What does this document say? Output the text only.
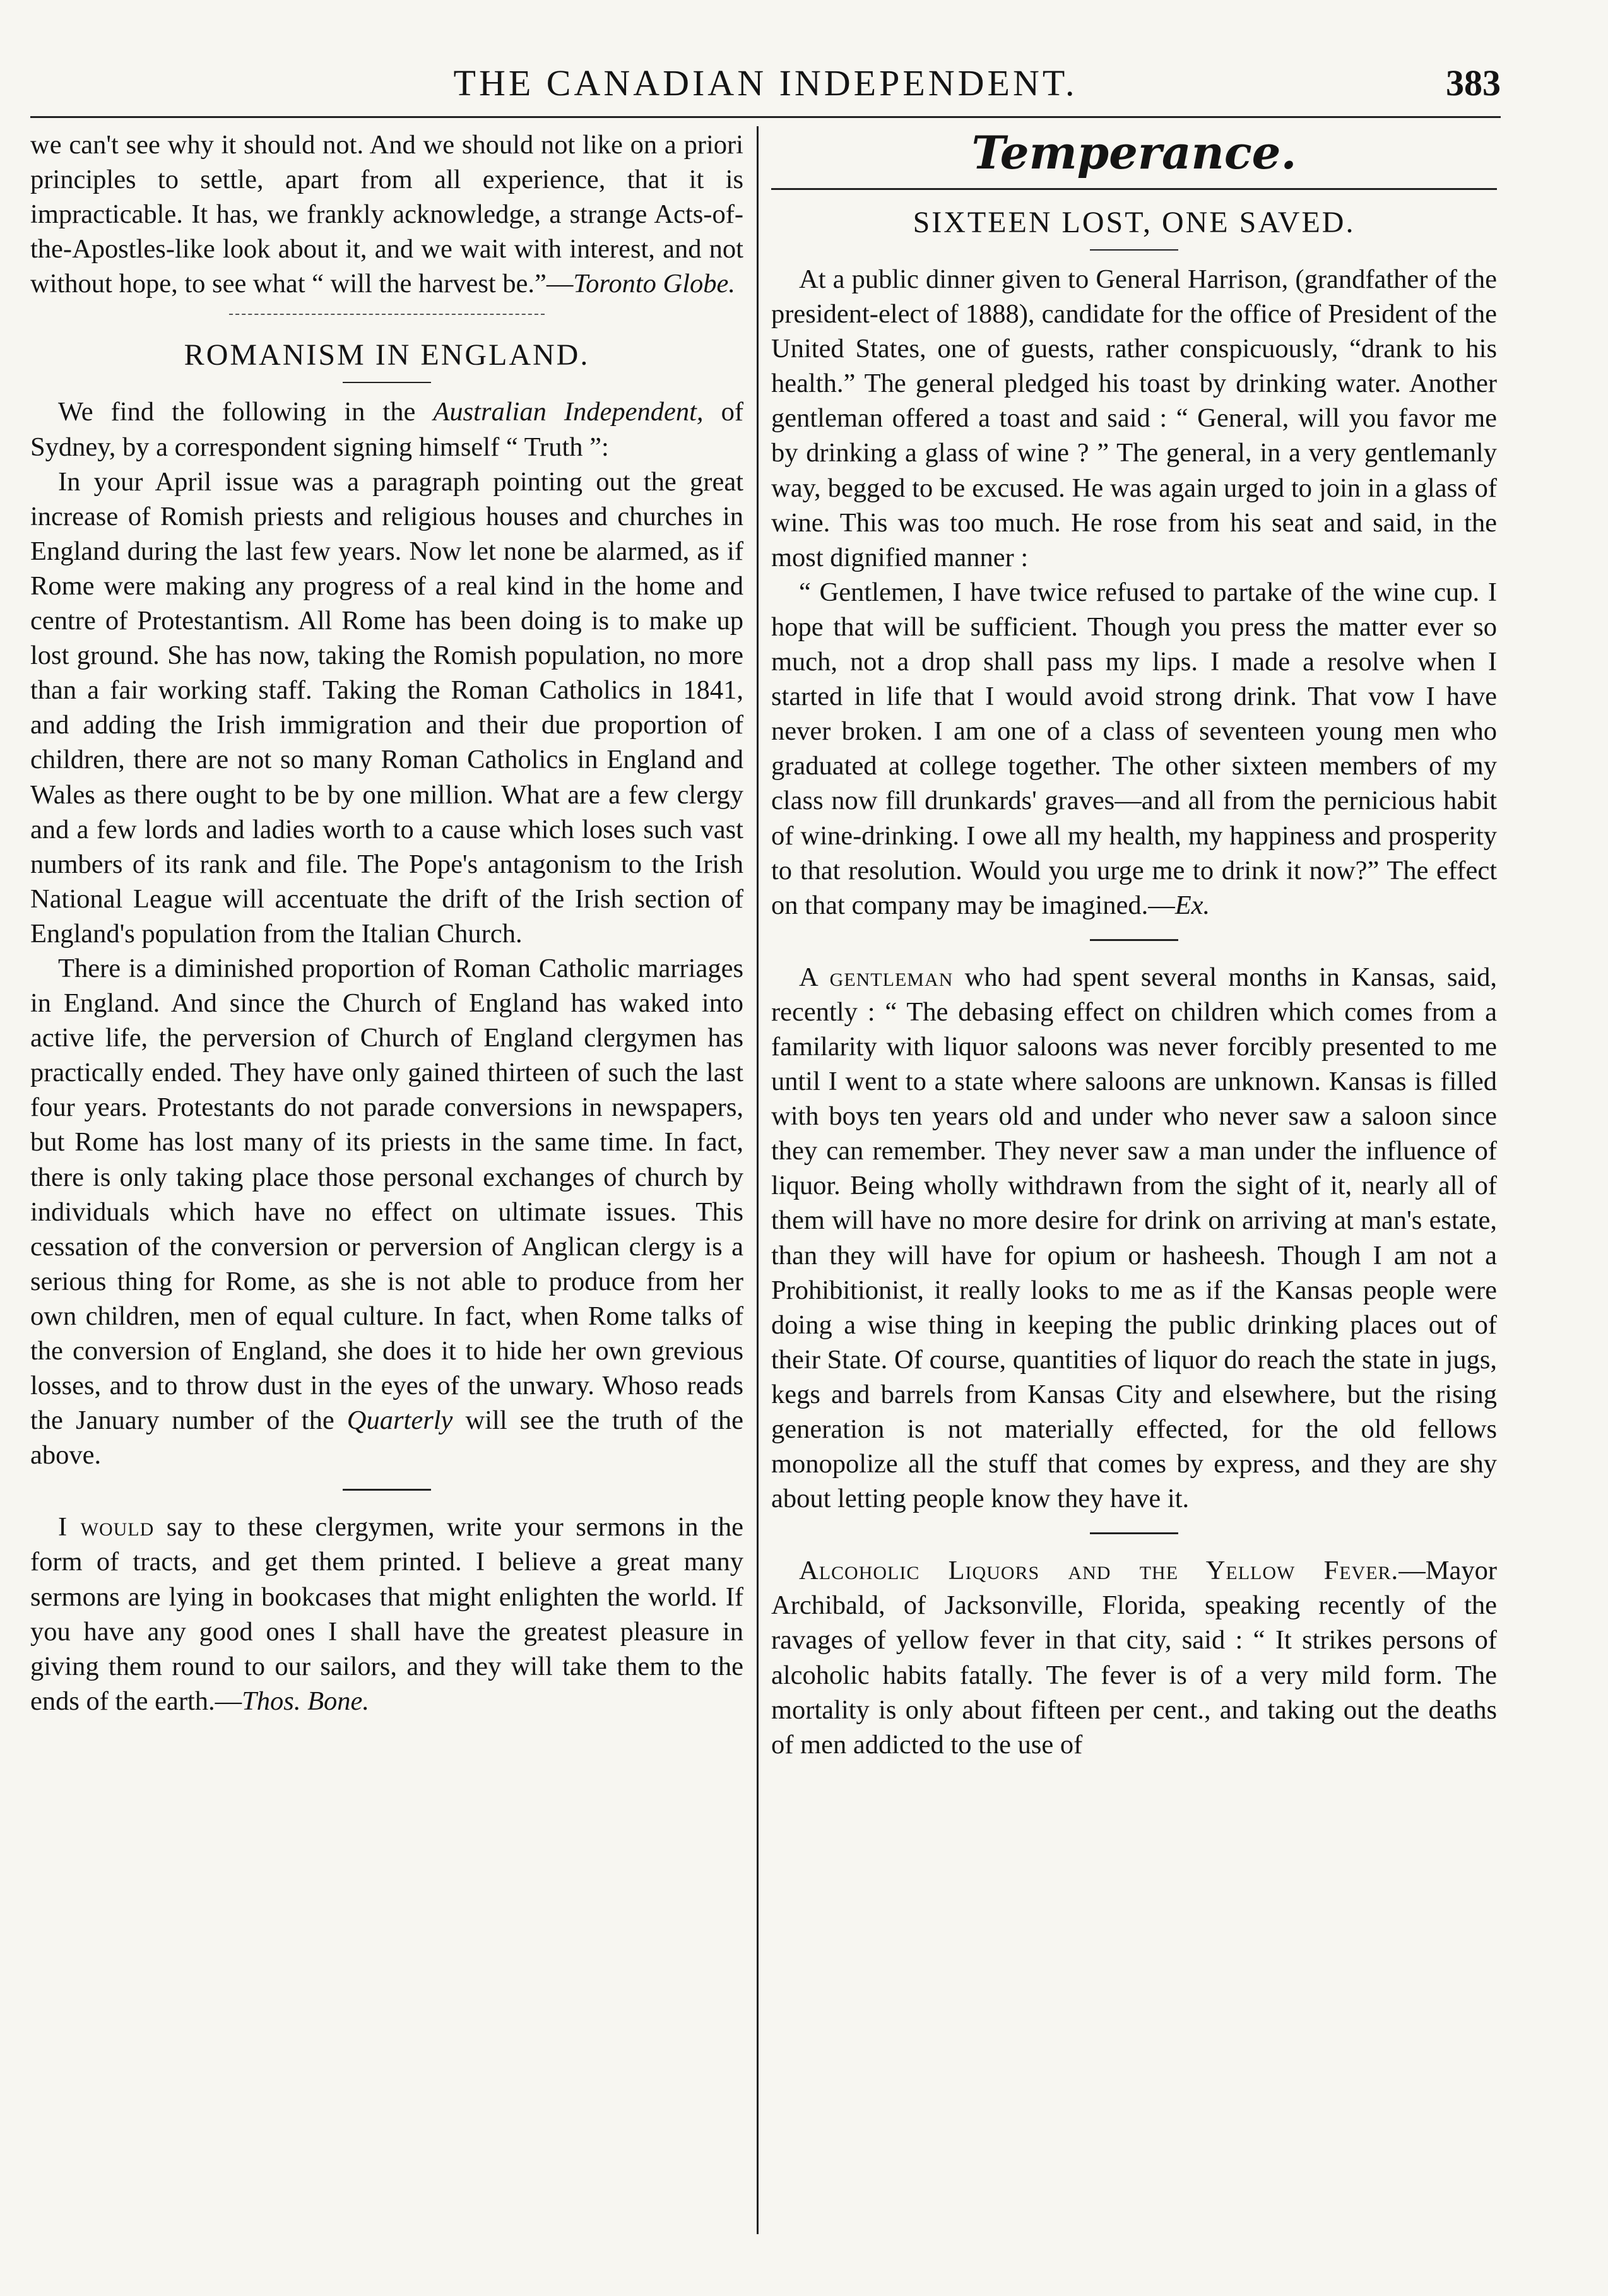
THE CANADIAN INDEPENDENT.	383

we can't see why it should not. And we should not like on a priori principles to settle, apart from all experience, that it is impracticable. It has, we frankly acknowledge, a strange Acts-of-the-Apostles-like look about it, and we wait with interest, and not without hope, to see what “ will the harvest be.”—Toronto Globe.

ROMANISM IN ENGLAND.

We find the following in the Australian Independent, of Sydney, by a correspondent signing himself “ Truth ”:

In your April issue was a paragraph pointing out the great increase of Romish priests and religious houses and churches in England during the last few years. Now let none be alarmed, as if Rome were making any progress of a real kind in the home and centre of Protestantism. All Rome has been doing is to make up lost ground. She has now, taking the Romish population, no more than a fair working staff. Taking the Roman Catholics in 1841, and adding the Irish immigration and their due proportion of children, there are not so many Roman Catholics in England and Wales as there ought to be by one million. What are a few clergy and a few lords and ladies worth to a cause which loses such vast numbers of its rank and file. The Pope's antagonism to the Irish National League will accentuate the drift of the Irish section of England's population from the Italian Church.

There is a diminished proportion of Roman Catholic marriages in England. And since the Church of England has waked into active life, the perversion of Church of England clergymen has practically ended. They have only gained thirteen of such the last four years. Protestants do not parade conversions in newspapers, but Rome has lost many of its priests in the same time. In fact, there is only taking place those personal exchanges of church by individuals which have no effect on ultimate issues. This cessation of the conversion or perversion of Anglican clergy is a serious thing for Rome, as she is not able to produce from her own children, men of equal culture. In fact, when Rome talks of the conversion of England, she does it to hide her own grevious losses, and to throw dust in the eyes of the unwary. Whoso reads the January number of the Quarterly will see the truth of the above.

I would say to these clergymen, write your sermons in the form of tracts, and get them printed. I believe a great many sermons are lying in bookcases that might enlighten the world. If you have any good ones I shall have the greatest pleasure in giving them round to our sailors, and they will take them to the ends of the earth.—Thos. Bone.

Temperance.
SIXTEEN LOST, ONE SAVED.

At a public dinner given to General Harrison, (grandfather of the president-elect of 1888), candidate for the office of President of the United States, one of guests, rather conspicuously, “drank to his health.” The general pledged his toast by drinking water. Another gentleman offered a toast and said : “ General, will you favor me by drinking a glass of wine ? ” The general, in a very gentlemanly way, begged to be excused. He was again urged to join in a glass of wine. This was too much. He rose from his seat and said, in the most dignified manner :

“ Gentlemen, I have twice refused to partake of the wine cup. I hope that will be sufficient. Though you press the matter ever so much, not a drop shall pass my lips. I made a resolve when I started in life that I would avoid strong drink. That vow I have never broken. I am one of a class of seventeen young men who graduated at college together. The other sixteen members of my class now fill drunkards' graves—and all from the pernicious habit of wine-drinking. I owe all my health, my happiness and prosperity to that resolution. Would you urge me to drink it now?” The effect on that company may be imagined.—Ex.

A gentleman who had spent several months in Kansas, said, recently : “ The debasing effect on children which comes from a familarity with liquor saloons was never forcibly presented to me until I went to a state where saloons are unknown. Kansas is filled with boys ten years old and under who never saw a saloon since they can remember. They never saw a man under the influence of liquor. Being wholly withdrawn from the sight of it, nearly all of them will have no more desire for drink on arriving at man's estate, than they will have for opium or hasheesh. Though I am not a Prohibitionist, it really looks to me as if the Kansas people were doing a wise thing in keeping the public drinking places out of their State. Of course, quantities of liquor do reach the state in jugs, kegs and barrels from Kansas City and elsewhere, but the rising generation is not materially effected, for the old fellows monopolize all the stuff that comes by express, and they are shy about letting people know they have it.

Alcoholic Liquors and the Yellow Fever.—Mayor Archibald, of Jacksonville, Florida, speaking recently of the ravages of yellow fever in that city, said : “ It strikes persons of alcoholic habits fatally. The fever is of a very mild form. The mortality is only about fifteen per cent., and taking out the deaths of men addicted to the use of
